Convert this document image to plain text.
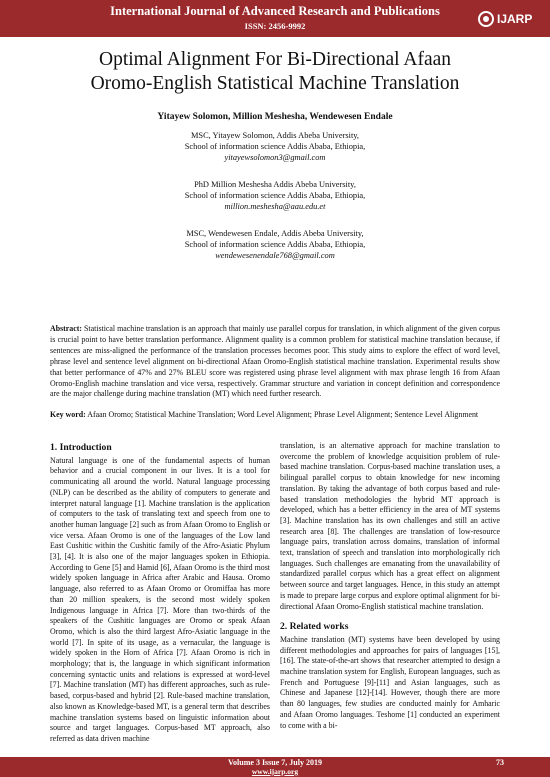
International Journal of Advanced Research and Publications
ISSN: 2456-9992	IJARP
Optimal Alignment For Bi-Directional Afaan
Oromo-English Statistical Machine Translation
Yitayew Solomon, Million Meshesha, Wendewesen Endale
MSC, Yitayew Solomon, Addis Abeba University,
School of information science Addis Ababa, Ethiopia,
yitayewsolomon3@gmail.com
PhD Million Meshesha Addis Abeba University,
School of information science Addis Ababa, Ethiopia,
million.meshesha@aau.edu.et
MSC, Wendewesen Endale, Addis Abeba University,
School of information science Addis Ababa, Ethiopia,
wendewesenendale768@gmail.com
Abstract: Statistical machine translation is an approach that mainly use parallel corpus for translation, in which alignment of the given corpus is crucial point to have better translation performance. Alignment quality is a common problem for statistical machine translation because, if sentences are miss-aligned the performance of the translation processes becomes poor. This study aims to explore the effect of word level, phrase level and sentence level alignment on bi-directional Afaan Oromo-English statistical machine translation. Experimental results show that better performance of 47% and 27% BLEU score was registered using phrase level alignment with max phrase length 16 from Afaan Oromo-English machine translation and vice versa, respectively. Grammar structure and variation in concept definition and correspondence are the major challenge during machine translation (MT) which need further research.
Key word: Afaan Oromo; Statistical Machine Translation; Word Level Alignment; Phrase Level Alignment; Sentence Level Alignment
1. Introduction

Natural language is one of the fundamental aspects of human behavior and a crucial component in our lives. It is a tool for communicating all around the world. Natural language processing (NLP) can be described as the ability of computers to generate and interpret natural language [1]. Machine translation is the application of computers to the task of translating text and speech from one to another human language [2] such as from Afaan Oromo to English or vice versa. Afaan Oromo is one of the languages of the Low land East Cushitic within the Cushitic family of the Afro-Asiatic Phylum [3], [4]. It is also one of the major languages spoken in Ethiopia. According to Gene [5] and Hamid [6], Afaan Oromo is the third most widely spoken language in Africa after Arabic and Hausa. Oromo language, also referred to as Afaan Oromo or Oromiffaa has more than 20 million speakers, is the second most widely spoken Indigenous language in Africa [7]. More than two-thirds of the speakers of the Cushitic languages are Oromo or speak Afaan Oromo, which is also the third largest Afro-Asiatic language in the world [7]. In spite of its usage, as a vernacular, the language is widely spoken in the Horn of Africa [7]. Afaan Oromo is rich in morphology; that is, the language in which significant information concerning syntactic units and relations is expressed at word-level [7]. Machine translation (MT) has different approaches, such as rule-based, corpus-based and hybrid [2]. Rule-based machine translation, also known as Knowledge-based MT, is a general term that describes machine translation systems based on linguistic information about source and target languages. Corpus-based MT approach, also referred as data driven machine

translation, is an alternative approach for machine translation to overcome the problem of knowledge acquisition problem of rule-based machine translation. Corpus-based machine translation uses, a bilingual parallel corpus to obtain knowledge for new incoming translation. By taking the advantage of both corpus based and rule-based translation methodologies the hybrid MT approach is developed, which has a better efficiency in the area of MT systems [3]. Machine translation has its own challenges and still an active research area [8]. The challenges are translation of low-resource language pairs, translation across domains, translation of informal text, translation of speech and translation into morphologically rich languages. Such challenges are emanating from the unavailability of standardized parallel corpus which has a great effect on alignment between source and target languages. Hence, in this study an attempt is made to prepare large corpus and explore optimal alignment for bi-directional Afaan Oromo-English statistical machine translation.

2. Related works

Machine translation (MT) systems have been developed by using different methodologies and approaches for pairs of languages [15], [16]. The state-of-the-art shows that researcher attempted to design a machine translation system for English, European languages, such as French and Portuguese [9]-[11] and Asian languages, such as Chinese and Japanese [12]-[14]. However, though there are more than 80 languages, few studies are conducted mainly for Amharic and Afaan Oromo languages. Teshome [1] conducted an experiment to come with a bi-

Volume 3 Issue 7, July 2019
www.ijarp.org
73
